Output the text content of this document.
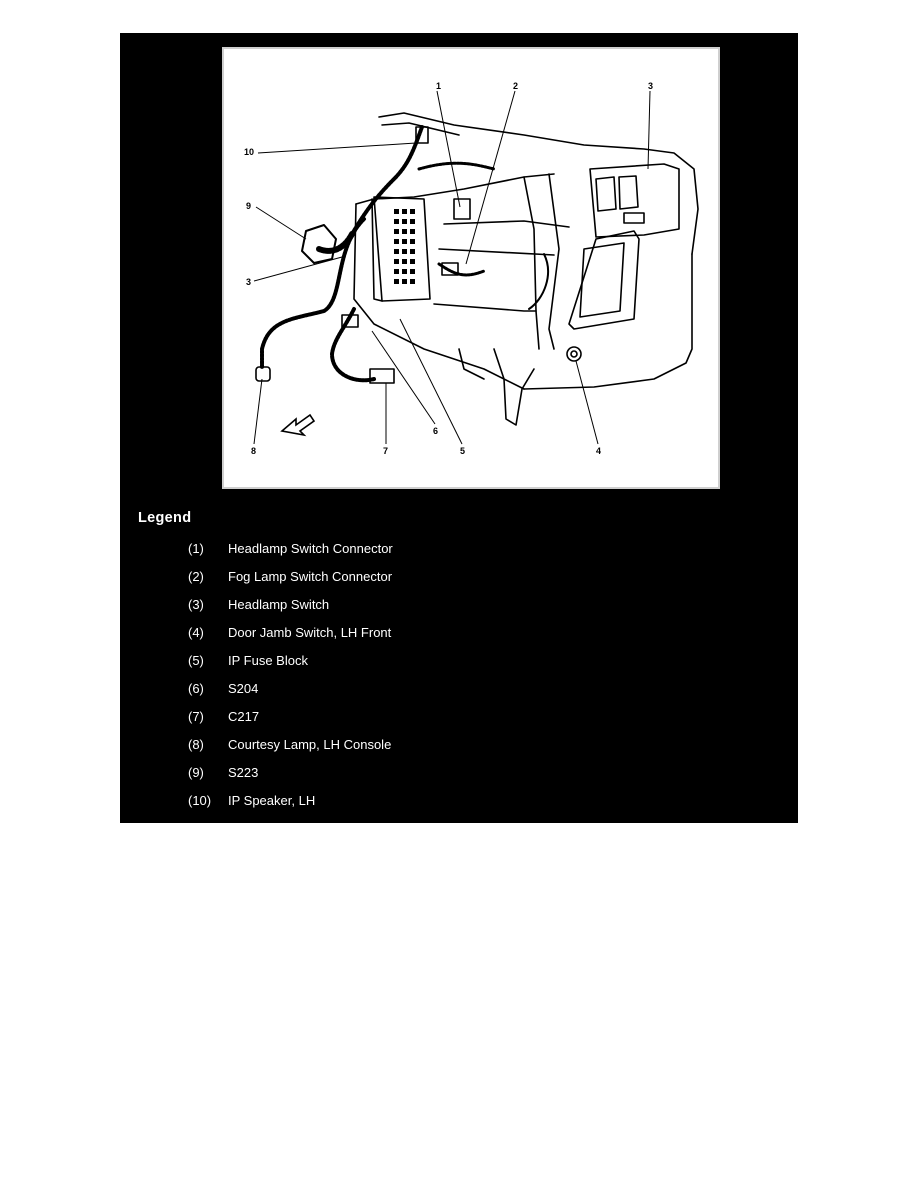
1	2	3
4
5
6
7
8
9
10
3
Legend
(1) Headlamp Switch Connector
(2) Fog Lamp Switch Connector
(3) Headlamp Switch
(4) Door Jamb Switch, LH Front
(5) IP Fuse Block
(6) S204
(7) C217
(8) Courtesy Lamp, LH Console
(9) S223
(10) IP Speaker, LH
